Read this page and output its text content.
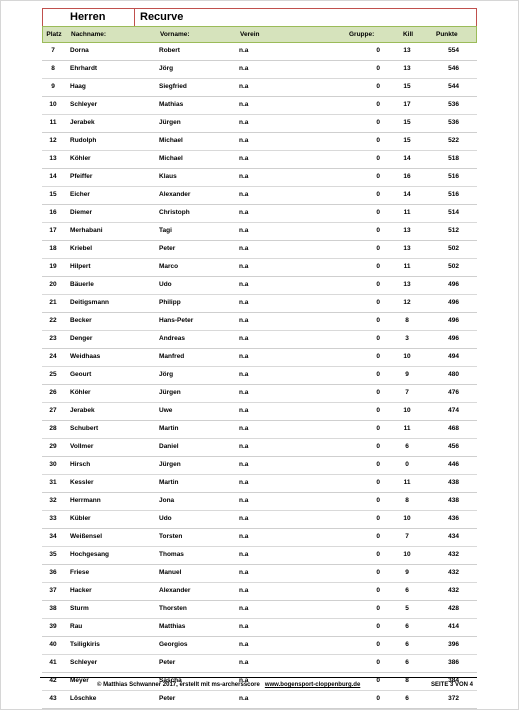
Herren	Recurve
Platz	Nachname:	Vorname:	Verein	Gruppe:	Kill	Punkte
7	Dorna	Robert	n.a	0	13	554
8	Ehrhardt	Jörg	n.a	0	13	546
9	Haag	Siegfried	n.a	0	15	544
10	Schleyer	Mathias	n.a	0	17	536
11	Jerabek	Jürgen	n.a	0	15	536
12	Rudolph	Michael	n.a	0	15	522
13	Köhler	Michael	n.a	0	14	518
14	Pfeiffer	Klaus	n.a	0	16	516
15	Eicher	Alexander	n.a	0	14	516
16	Diemer	Christoph	n.a	0	11	514
17	Merhabani	Tagi	n.a	0	13	512
18	Kriebel	Peter	n.a	0	13	502
19	Hilpert	Marco	n.a	0	11	502
20	Bäuerle	Udo	n.a	0	13	496
21	Deitigsmann	Philipp	n.a	0	12	496
22	Becker	Hans-Peter	n.a	0	8	496
23	Denger	Andreas	n.a	0	3	496
24	Weidhaas	Manfred	n.a	0	10	494
25	Geourt	Jörg	n.a	0	9	480
26	Köhler	Jürgen	n.a	0	7	476
27	Jerabek	Uwe	n.a	0	10	474
28	Schubert	Martin	n.a	0	11	468
29	Vollmer	Daniel	n.a	0	6	456
30	Hirsch	Jürgen	n.a	0	0	446
31	Kessler	Martin	n.a	0	11	438
32	Herrmann	Jona	n.a	0	8	438
33	Kübler	Udo	n.a	0	10	436
34	Weißensel	Torsten	n.a	0	7	434
35	Hochgesang	Thomas	n.a	0	10	432
36	Friese	Manuel	n.a	0	9	432
37	Hacker	Alexander	n.a	0	6	432
38	Sturm	Thorsten	n.a	0	5	428
39	Rau	Matthias	n.a	0	6	414
40	Tsiligkiris	Georgios	n.a	0	6	396
41	Schleyer	Peter	n.a	0	6	386
42	Meyer	Sascha	n.a	0	8	384
43	Löschke	Peter	n.a	0	6	372
© Matthias Schwanner 2017, erstellt mit ms-archersscore www.bogensport-cloppenburg.de	SEITE 3 VON 4
